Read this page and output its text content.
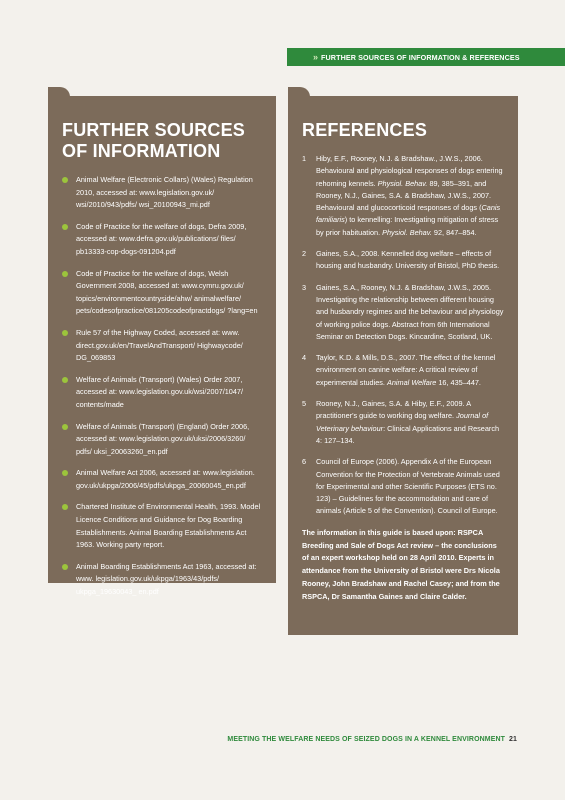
» FURTHER SOURCES OF INFORMATION & REFERENCES
FURTHER SOURCES
OF INFORMATION
Animal Welfare (Electronic Collars) (Wales) Regulation 2010, accessed at: www.legislation.gov.uk/ wsi/2010/943/pdfs/ wsi_20100943_mi.pdf
Code of Practice for the welfare of dogs, Defra 2009, accessed at: www.defra.gov.uk/publications/ files/ pb13333-cop-dogs-091204.pdf
Code of Practice for the welfare of dogs, Welsh Government 2008, accessed at: www.cymru.gov.uk/ topics/environmentcountryside/ahw/ animalwelfare/ pets/codesofpractice/081205codeofpractdogs/ ?lang=en
Rule 57 of the Highway Coded, accessed at: www. direct.gov.uk/en/TravelAndTransport/ Highwaycode/ DG_069853
Welfare of Animals (Transport) (Wales) Order 2007, accessed at: www.legislation.gov.uk/wsi/2007/1047/ contents/made
Welfare of Animals (Transport) (England) Order 2006, accessed at: www.legislation.gov.uk/uksi/2006/3260/ pdfs/ uksi_20063260_en.pdf
Animal Welfare Act 2006, accessed at: www.legislation. gov.uk/ukpga/2006/45/pdfs/ukpga_20060045_en.pdf
Chartered Institute of Environmental Health, 1993. Model Licence Conditions and Guidance for Dog Boarding Establishments. Animal Boarding Establishments Act 1963. Working party report.
Animal Boarding Establishments Act 1963, accessed at: www. legislation.gov.uk/ukpga/1963/43/pdfs/ ukpga_19630043_ en.pdf
REFERENCES
1 Hiby, E.F., Rooney, N.J. & Bradshaw., J.W.S., 2006. Behavioural and physiological responses of dogs entering rehoming kennels. Physiol. Behav. 89, 385–391, and Rooney, N.J., Gaines, S.A. & Bradshaw, J.W.S., 2007. Behavioural and glucocorticoid responses of dogs (Canis familiaris) to kennelling: Investigating mitigation of stress by prior habituation. Physiol. Behav. 92, 847–854.
2 Gaines, S.A., 2008. Kennelled dog welfare – effects of housing and husbandry. University of Bristol, PhD thesis.
3 Gaines, S.A., Rooney, N.J. & Bradshaw, J.W.S., 2005. Investigating the relationship between different housing and husbandry regimes and the behaviour and physiology of working police dogs. Abstract from 6th International Seminar on Detection Dogs. Kincardine, Scotland, UK.
4 Taylor, K.D. & Mills, D.S., 2007. The effect of the kennel environment on canine welfare: A critical review of experimental studies. Animal Welfare 16, 435–447.
5 Rooney, N.J., Gaines, S.A. & Hiby, E.F., 2009. A practitioner's guide to working dog welfare. Journal of Veterinary behaviour: Clinical Applications and Research 4: 127–134.
6 Council of Europe (2006). Appendix A of the European Convention for the Protection of Vertebrate Animals used for Experimental and other Scientific Purposes (ETS no. 123) – Guidelines for the accommodation and care of animals (Article 5 of the Convention). Council of Europe.

The information in this guide is based upon: RSPCA Breeding and Sale of Dogs Act review – the conclusions of an expert workshop held on 28 April 2010. Experts in attendance from the University of Bristol were Drs Nicola Rooney, John Bradshaw and Rachel Casey; and from the RSPCA, Dr Samantha Gaines and Claire Calder.

MEETING THE WELFARE NEEDS OF SEIZED DOGS IN A KENNEL ENVIRONMENT 21
